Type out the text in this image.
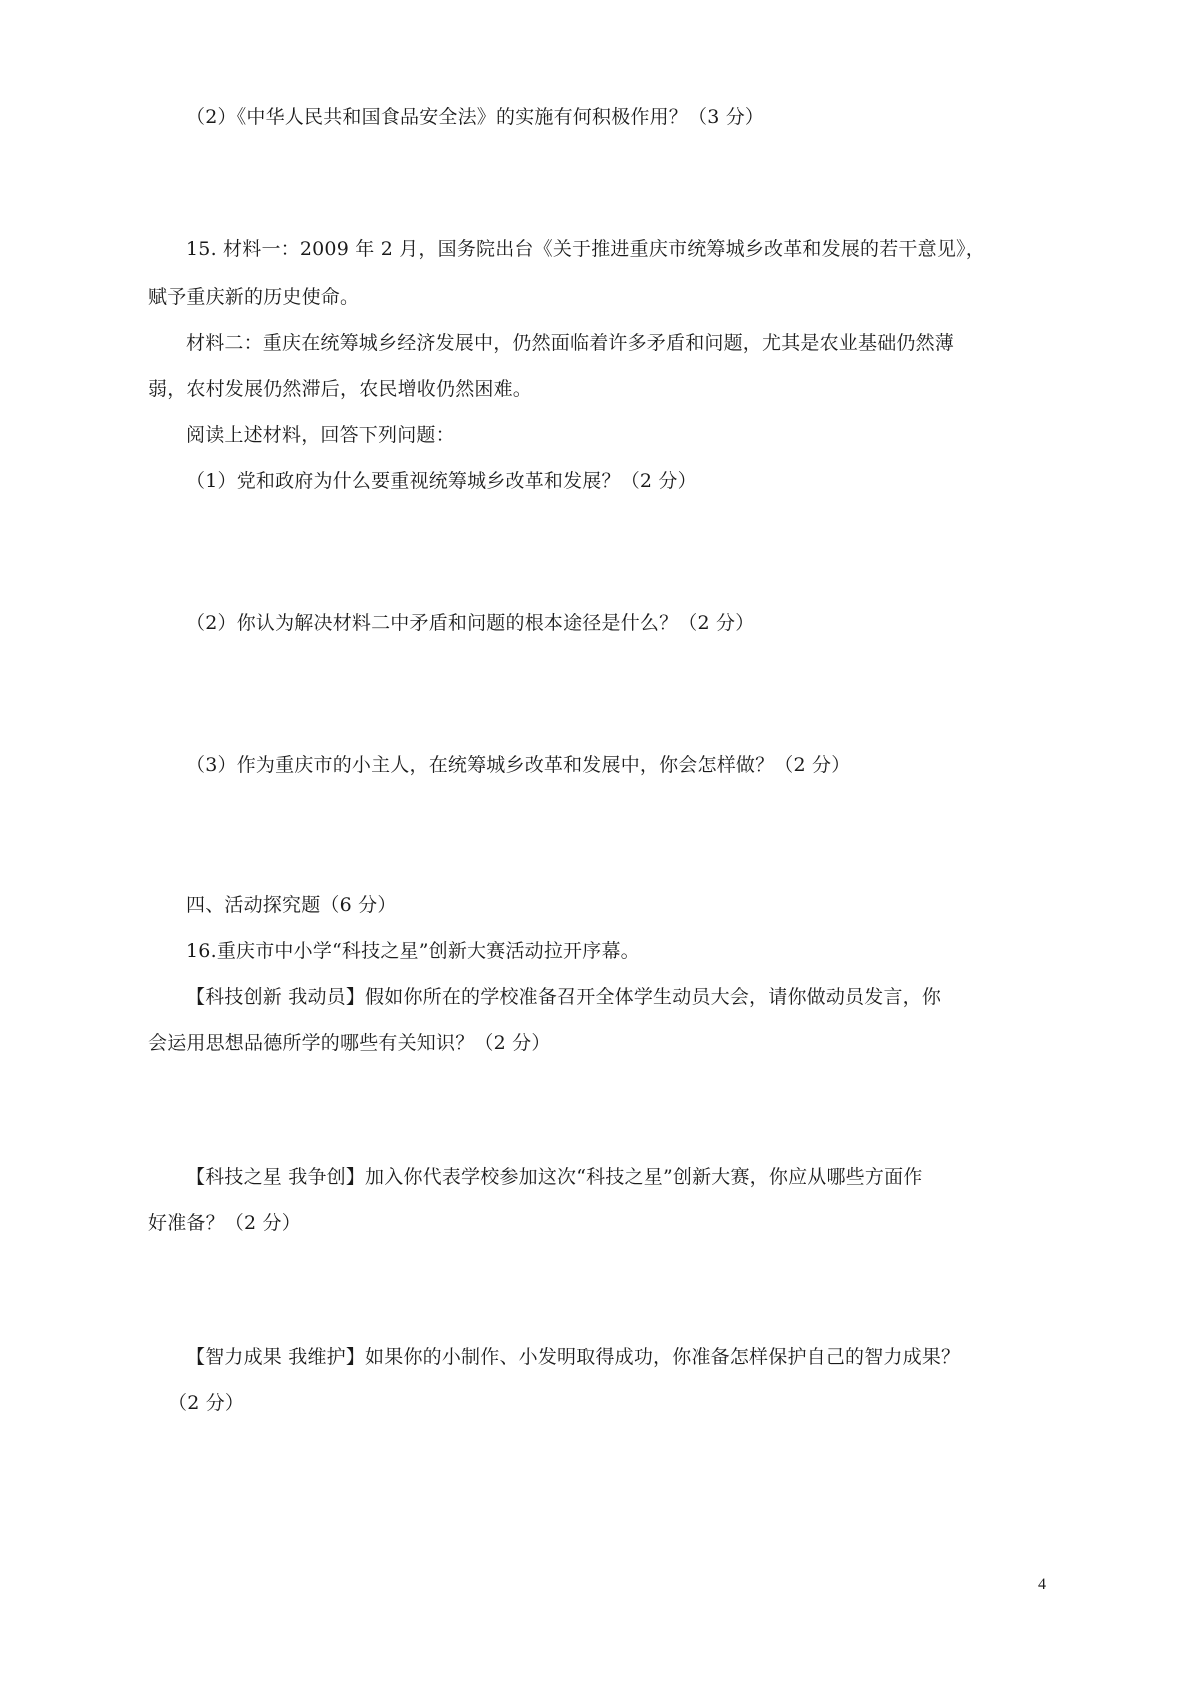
（2）《中华人民共和国食品安全法》的实施有何积极作用？（3 分）
15. 材料一：2009 年 2 月，国务院出台《关于推进重庆市统筹城乡改革和发展的若干意见》，
赋予重庆新的历史使命。
材料二：重庆在统筹城乡经济发展中，仍然面临着许多矛盾和问题，尤其是农业基础仍然薄
弱，农村发展仍然滞后，农民增收仍然困难。
阅读上述材料，回答下列问题：
（1）党和政府为什么要重视统筹城乡改革和发展？（2 分）
（2）你认为解决材料二中矛盾和问题的根本途径是什么？（2 分）
（3）作为重庆市的小主人，在统筹城乡改革和发展中，你会怎样做？（2 分）
四、活动探究题（6 分）
16.重庆市中小学“科技之星”创新大赛活动拉开序幕。
【科技创新 我动员】假如你所在的学校准备召开全体学生动员大会，请你做动员发言，你
会运用思想品德所学的哪些有关知识？（2 分）
【科技之星 我争创】加入你代表学校参加这次“科技之星”创新大赛，你应从哪些方面作
好准备？（2 分）
【智力成果 我维护】如果你的小制作、小发明取得成功，你准备怎样保护自己的智力成果？
（2 分）
4
